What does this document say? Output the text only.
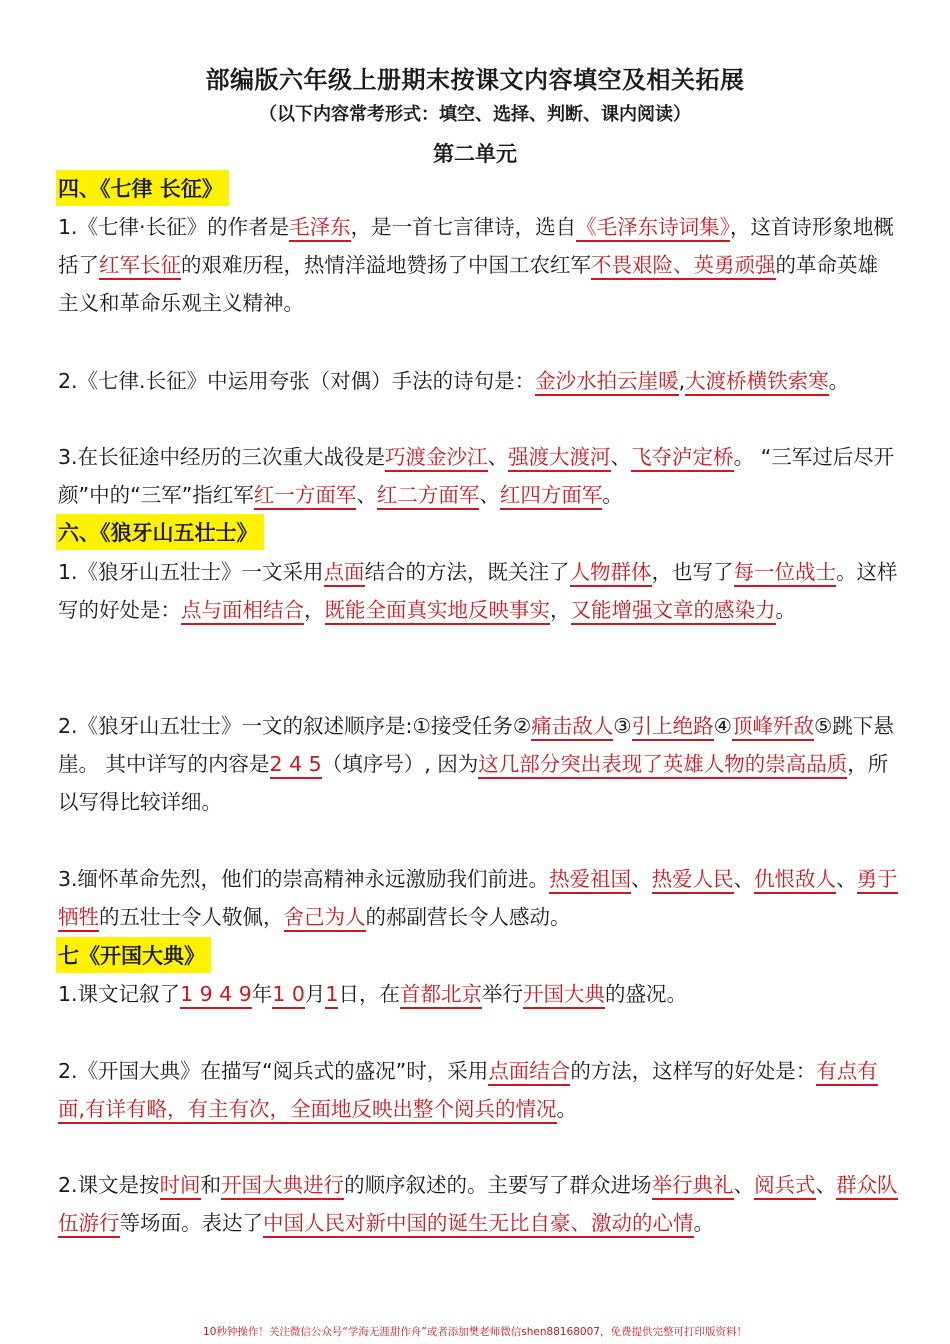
部编版六年级上册期末按课文内容填空及相关拓展
（以下内容常考形式：填空、选择、判断、课内阅读）
第二单元
四、《七律 长征》
1.《七律·长征》的作者是毛泽东，是一首七言律诗，选自《毛泽东诗词集》，这首诗形象地概括了红军长征的艰难历程，热情洋溢地赞扬了中国工农红军不畏艰险、英勇顽强的革命英雄主义和革命乐观主义精神。
2.《七律.长征》中运用夸张（对偶）手法的诗句是：金沙水拍云崖暖,大渡桥横铁索寒。
3.在长征途中经历的三次重大战役是巧渡金沙江、强渡大渡河、飞夺泸定桥。 “三军过后尽开颜”中的“三军”指红军红一方面军、红二方面军、红四方面军。
六、《狼牙山五壮士》
1.《狼牙山五壮士》一文采用点面结合的方法，既关注了人物群体，也写了每一位战士。这样写的好处是：点与面相结合，既能全面真实地反映事实，又能增强文章的感染力。
2.《狼牙山五壮士》一文的叙述顺序是:①接受任务②痛击敌人③引上绝路④顶峰歼敌⑤跳下悬崖。 其中详写的内容是2 4 5（填序号）, 因为这几部分突出表现了英雄人物的崇高品质，所以写得比较详细。
3.缅怀革命先烈，他们的崇高精神永远激励我们前进。热爱祖国、热爱人民、仇恨敌人、勇于牺牲的五壮士令人敬佩，舍己为人的郝副营长令人感动。
七《开国大典》
1.课文记叙了1 9 4 9年1 0月1日，在首都北京举行开国大典的盛况。
2.《开国大典》在描写“阅兵式的盛况”时，采用点面结合的方法，这样写的好处是：有点有面,有详有略，有主有次，全面地反映出整个阅兵的情况。
2.课文是按时间和开国大典进行的顺序叙述的。主要写了群众进场举行典礼、阅兵式、群众队伍游行等场面。表达了中国人民对新中国的诞生无比自豪、激动的心情。
10秒钟操作！关注微信公众号“学海无涯甜作舟”或者添加樊老师微信shen88168007，免费提供完整可打印版资料！
